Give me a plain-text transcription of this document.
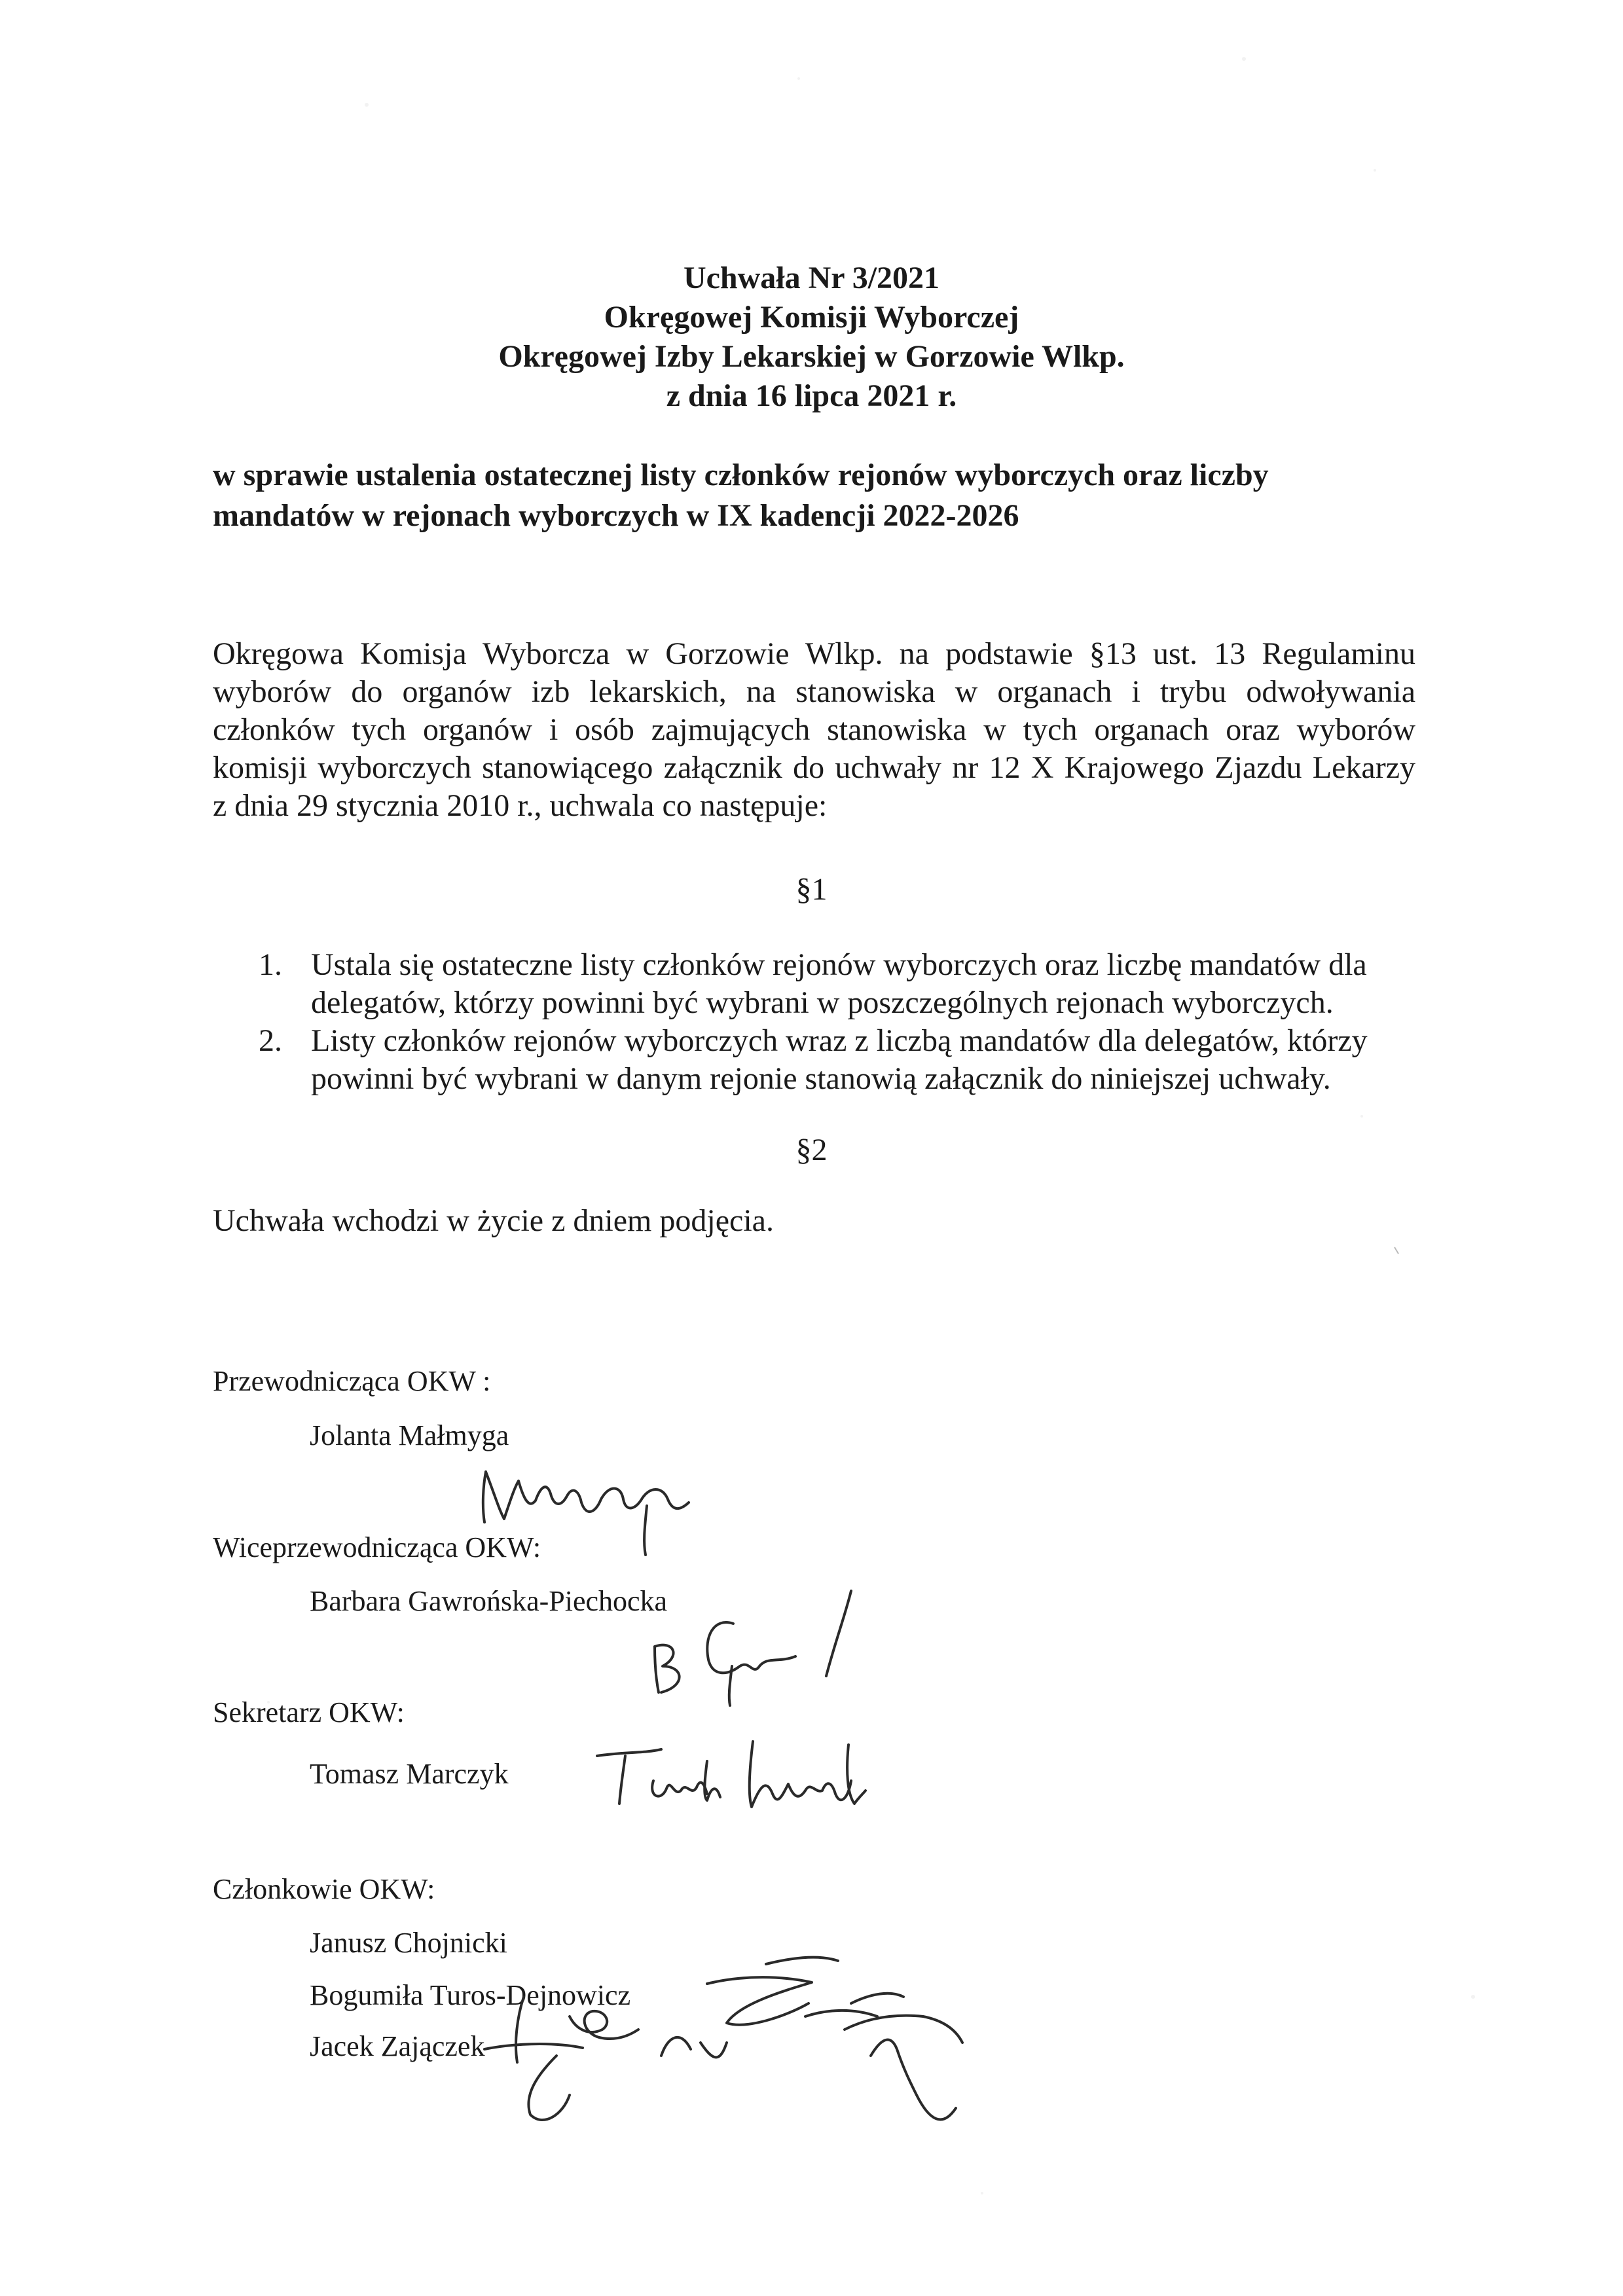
Uchwała Nr 3/2021
Okręgowej Komisji Wyborczej
Okręgowej Izby Lekarskiej w Gorzowie Wlkp.
z dnia 16 lipca 2021 r.
w sprawie ustalenia ostatecznej listy członków rejonów wyborczych oraz liczby
mandatów w rejonach wyborczych w IX kadencji 2022-2026
Okręgowa Komisja Wyborcza w Gorzowie Wlkp. na podstawie §13 ust. 13 Regulaminu
wyborów do organów izb lekarskich, na stanowiska w organach i trybu odwoływania
członków tych organów i osób zajmujących stanowiska w tych organach oraz wyborów
komisji wyborczych stanowiącego załącznik do uchwały nr 12 X Krajowego Zjazdu Lekarzy
z dnia 29 stycznia 2010 r., uchwala co następuje:
§1
1. Ustala się ostateczne listy członków rejonów wyborczych oraz liczbę mandatów dla
delegatów, którzy powinni być wybrani w poszczególnych rejonach wyborczych.
2. Listy członków rejonów wyborczych wraz z liczbą mandatów dla delegatów, którzy
powinni być wybrani w danym rejonie stanowią załącznik do niniejszej uchwały.
§2
Uchwała wchodzi w życie z dniem podjęcia.
Przewodnicząca OKW :
Jolanta Małmyga
Wiceprzewodnicząca OKW:
Barbara Gawrońska-Piechocka
Sekretarz OKW:
Tomasz Marczyk
Członkowie OKW:
Janusz Chojnicki
Bogumiła Turos-Dejnowicz
Jacek Zajączek
